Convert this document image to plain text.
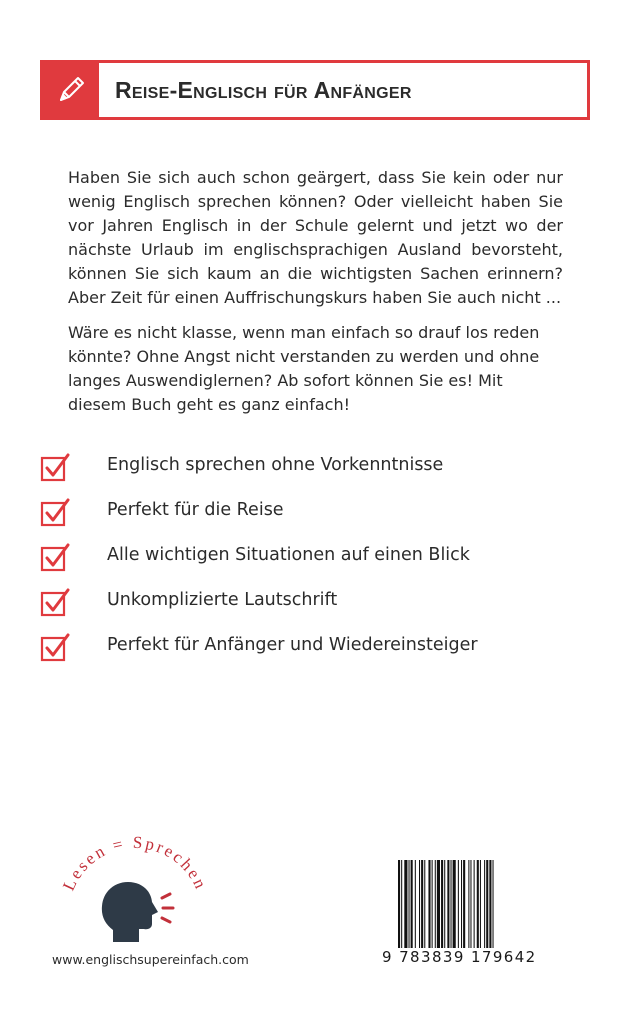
Reise-Englisch für Anfänger

Haben Sie sich auch schon geärgert, dass Sie kein oder nur wenig Englisch sprechen können? Oder vielleicht haben Sie vor Jahren Englisch in der Schule gelernt und jetzt wo der nächste Urlaub im englischsprachigen Ausland bevorsteht, können Sie sich kaum an die wichtigsten Sachen erinnern? Aber Zeit für einen Auffrischungskurs haben Sie auch nicht ...

Wäre es nicht klasse, wenn man einfach so drauf los reden könnte? Ohne Angst nicht verstanden zu werden und ohne langes Auswendiglernen? Ab sofort können Sie es! Mit diesem Buch geht es ganz einfach!

Englisch sprechen ohne Vorkenntnisse
Perfekt für die Reise
Alle wichtigen Situationen auf einen Blick
Unkomplizierte Lautschrift
Perfekt für Anfänger und Wiedereinsteiger
Lesen = Sprechen
www.englischsupereinfach.com	9 783839 179642
